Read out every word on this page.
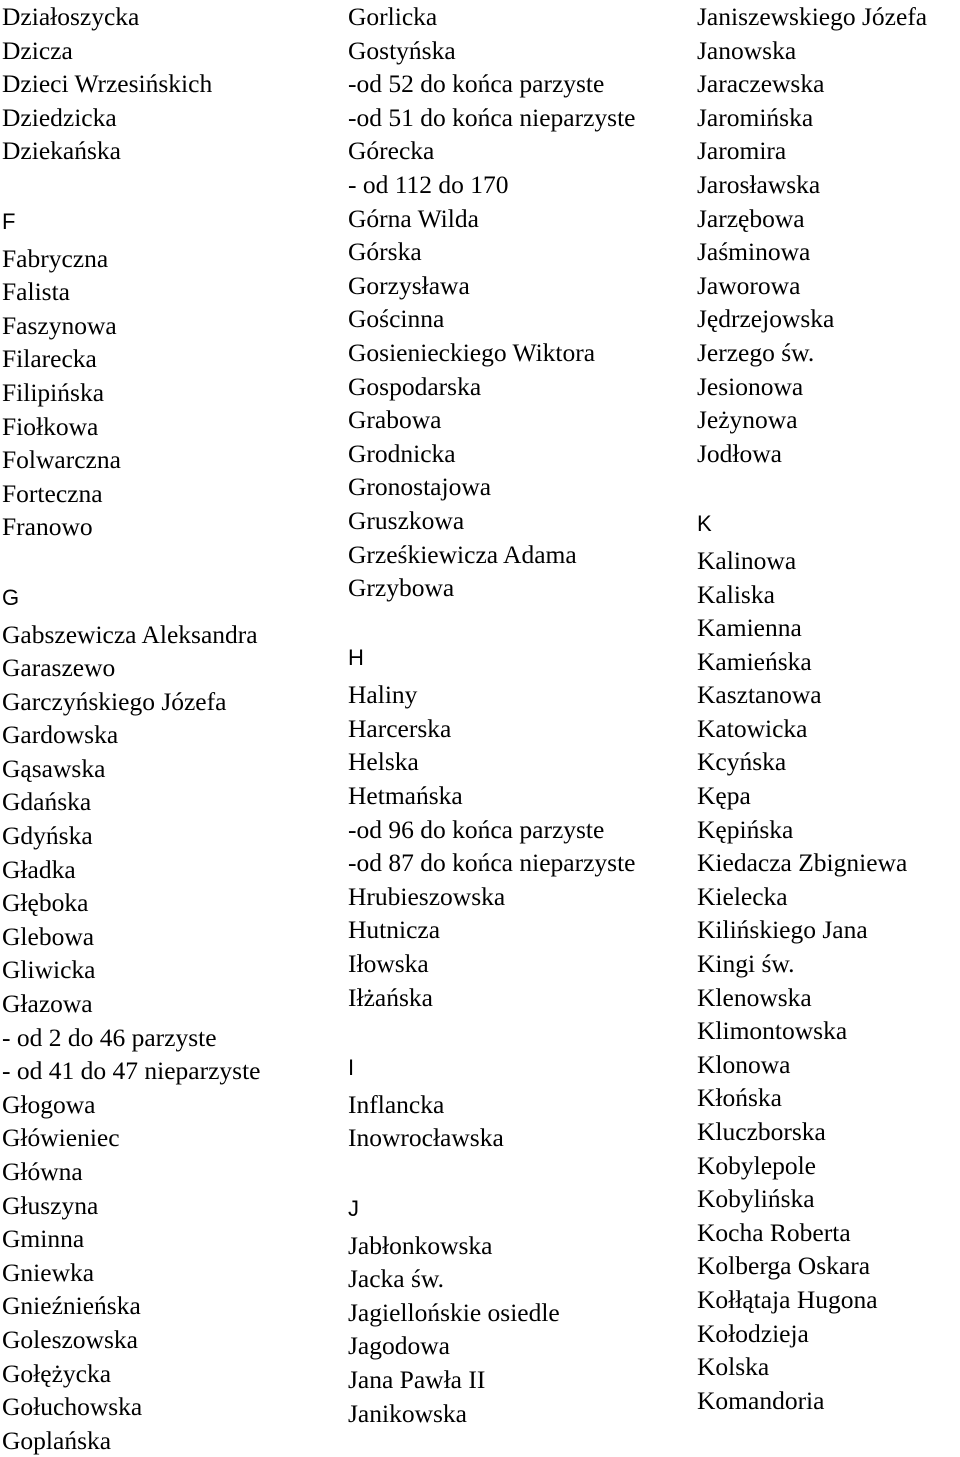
Działoszycka
Dzicza
Dzieci Wrzesińskich
Dziedzicka
Dziekańska
F
Fabryczna
Falista
Faszynowa
Filarecka
Filipińska
Fiołkowa
Folwarczna
Forteczna
Franowo
G
Gabszewicza Aleksandra
Garaszewo
Garczyńskiego Józefa
Gardowska
Gąsawska
Gdańska
Gdyńska
Gładka
Głęboka
Glebowa
Gliwicka
Głazowa
- od 2 do 46 parzyste
- od 41 do 47 nieparzyste
Głogowa
Główieniec
Główna
Głuszyna
Gminna
Gniewka
Gnieźnieńska
Goleszowska
Gołężycka
Gołuchowska
Goplańska
Gorlicka
Gostyńska
-od 52 do końca parzyste
-od 51 do końca nieparzyste
Górecka
- od 112 do 170
Górna Wilda
Górska
Gorzysława
Gościnna
Gosienieckiego Wiktora
Gospodarska
Grabowa
Grodnicka
Gronostajowa
Gruszkowa
Grześkiewicza Adama
Grzybowa
H
Haliny
Harcerska
Helska
Hetmańska
-od 96 do końca parzyste
-od 87 do końca nieparzyste
Hrubieszowska
Hutnicza
Iłowska
Iłżańska
I
Inflancka
Inowrocławska
J
Jabłonkowska
Jacka św.
Jagiellońskie osiedle
Jagodowa
Jana Pawła II
Janikowska
Janiszewskiego Józefa
Janowska
Jaraczewska
Jaromińska
Jaromira
Jarosławska
Jarzębowa
Jaśminowa
Jaworowa
Jędrzejowska
Jerzego św.
Jesionowa
Jeżynowa
Jodłowa
K
Kalinowa
Kaliska
Kamienna
Kamieńska
Kasztanowa
Katowicka
Kcyńska
Kępa
Kępińska
Kiedacza Zbigniewa
Kielecka
Kilińskiego Jana
Kingi św.
Klenowska
Klimontowska
Klonowa
Kłońska
Kluczborska
Kobylepole
Kobylińska
Kocha Roberta
Kolberga Oskara
Kołłątaja Hugona
Kołodzieja
Kolska
Komandoria
